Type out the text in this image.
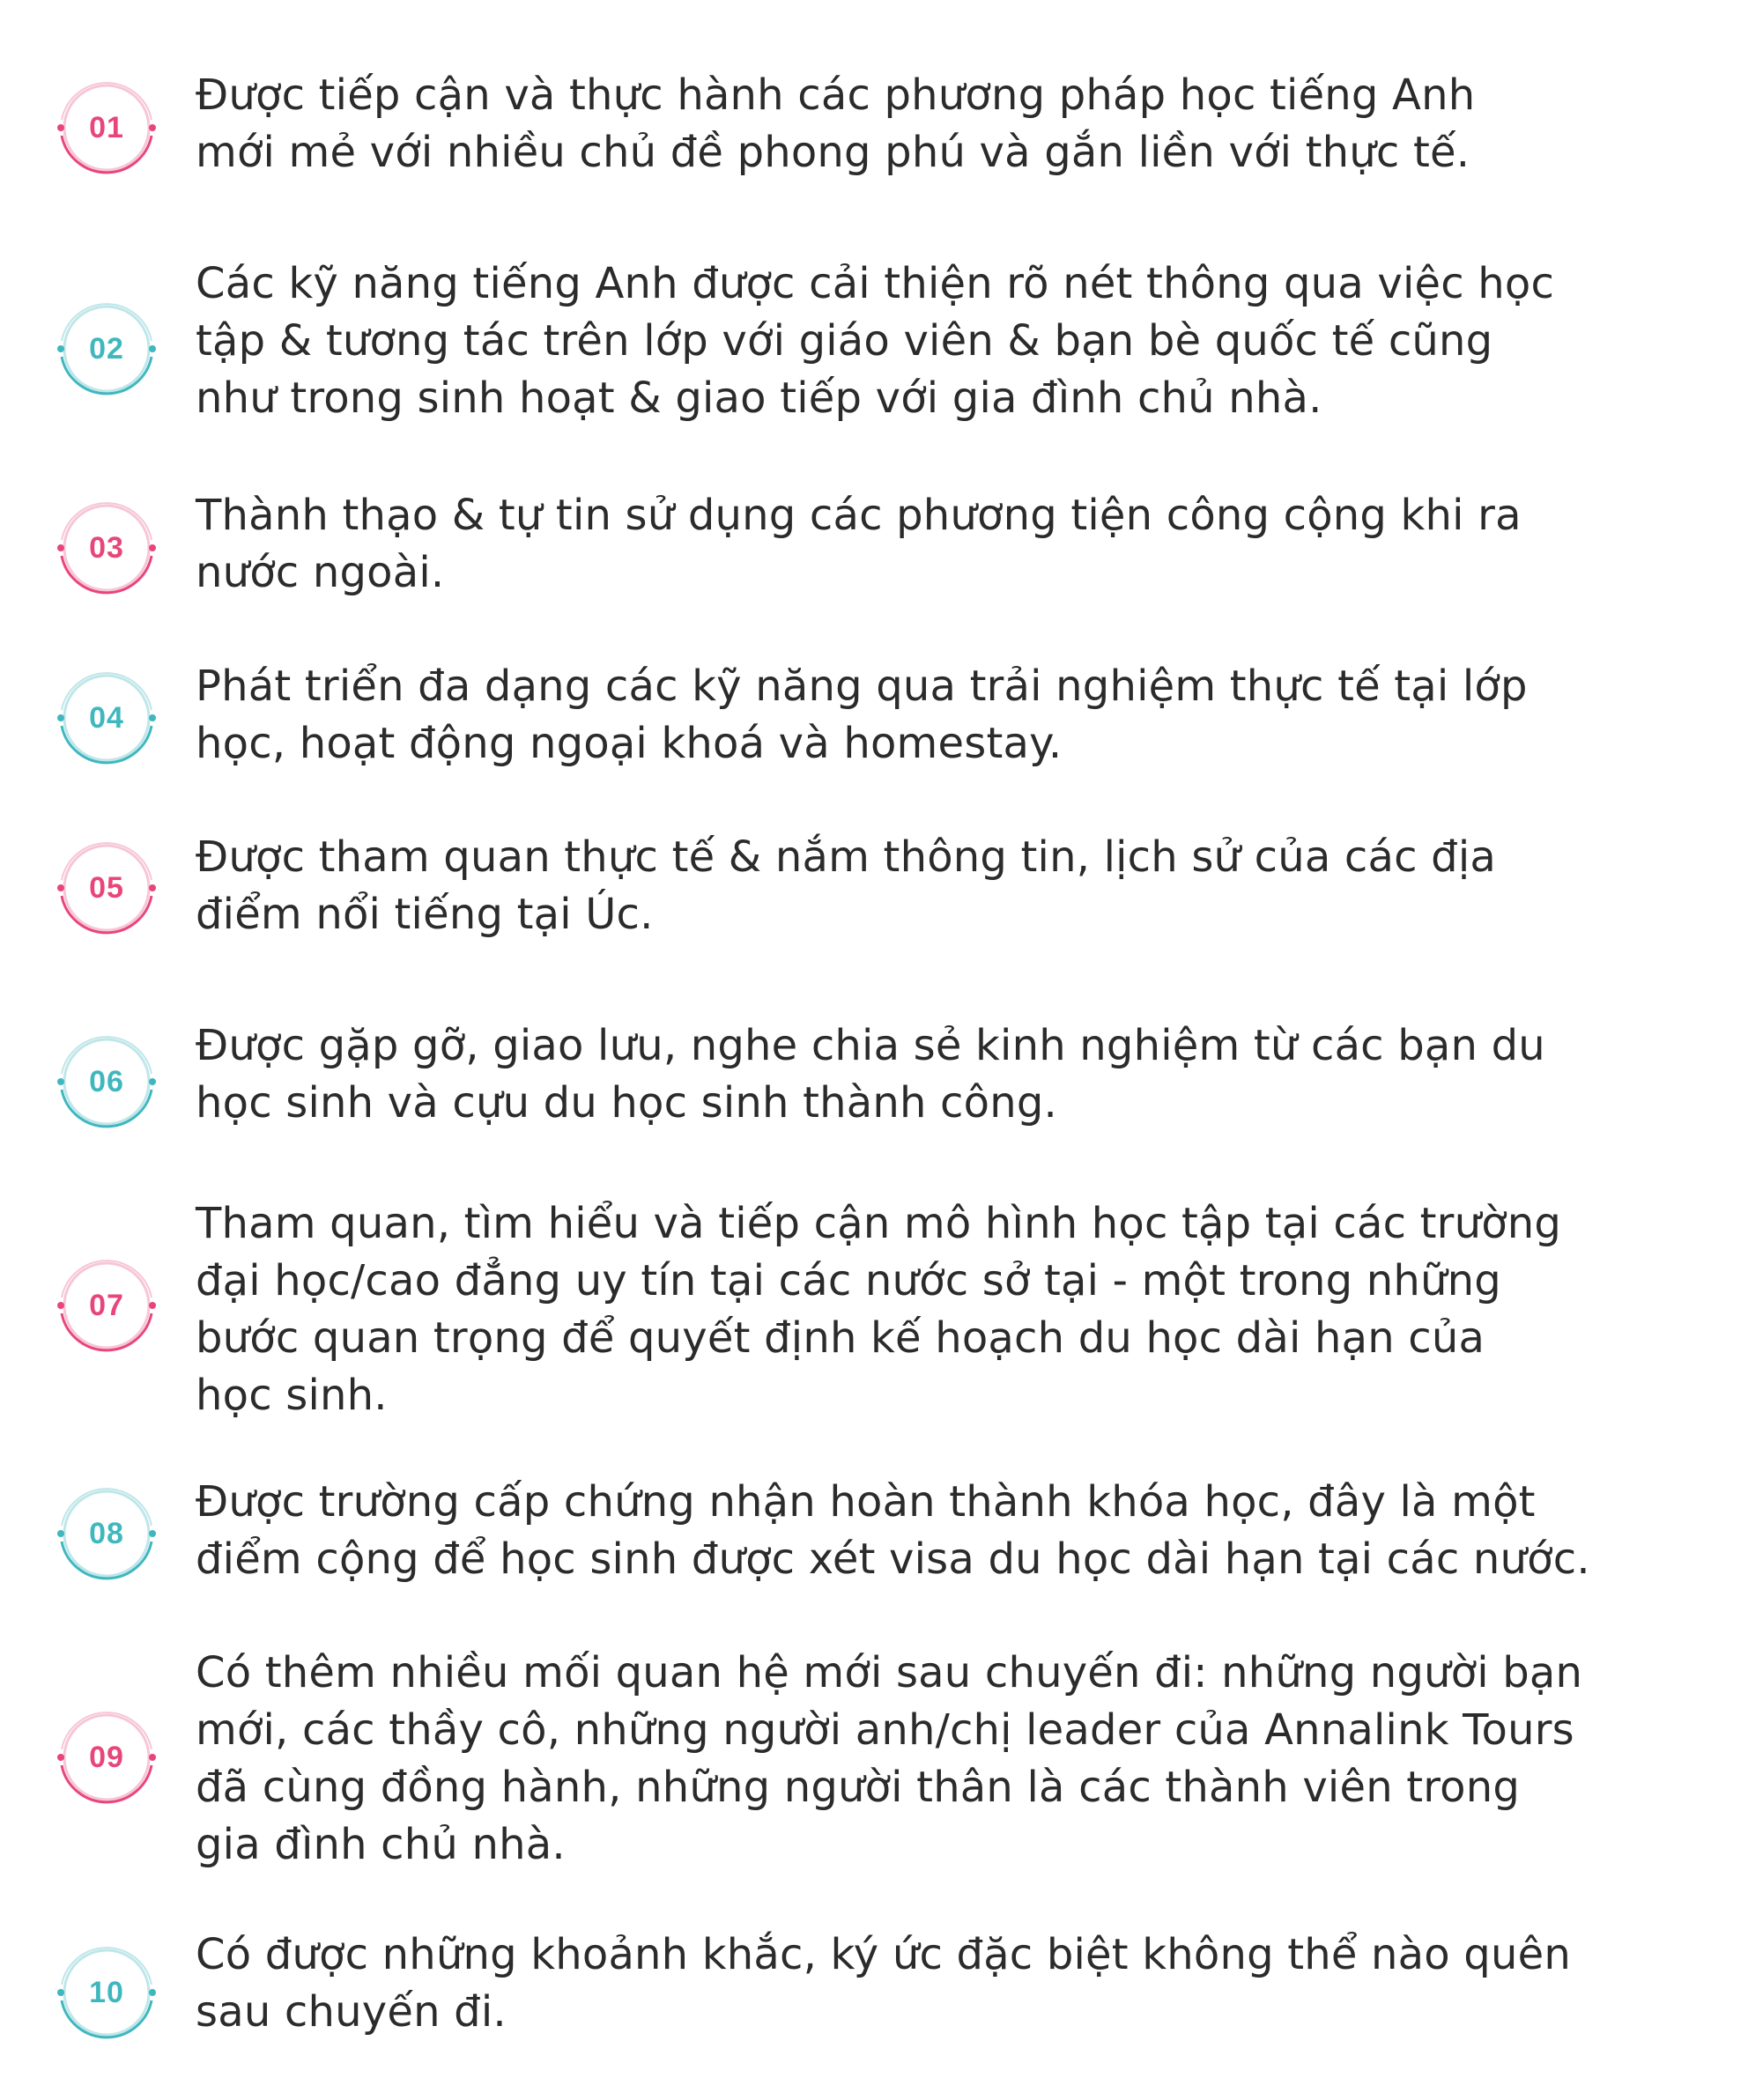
01
Được tiếp cận và thực hành các phương pháp học tiếng Anh
mới mẻ với nhiều chủ đề phong phú và gắn liền với thực tế.
02
Các kỹ năng tiếng Anh được cải thiện rõ nét thông qua việc học
tập & tương tác trên lớp với giáo viên & bạn bè quốc tế cũng
như trong sinh hoạt & giao tiếp với gia đình chủ nhà.
03
Thành thạo & tự tin sử dụng các phương tiện công cộng khi ra
nước ngoài.
04
Phát triển đa dạng các kỹ năng qua trải nghiệm thực tế tại lớp
học, hoạt động ngoại khoá và homestay.
05
Được tham quan thực tế & nắm thông tin, lịch sử của các địa
điểm nổi tiếng tại Úc.
06
Được gặp gỡ, giao lưu, nghe chia sẻ kinh nghiệm từ các bạn du
học sinh và cựu du học sinh thành công.
07
Tham quan, tìm hiểu và tiếp cận mô hình học tập tại các trường
đại học/cao đẳng uy tín tại các nước sở tại - một trong những
bước quan trọng để quyết định kế hoạch du học dài hạn của
học sinh.
08
Được trường cấp chứng nhận hoàn thành khóa học, đây là một
điểm cộng để học sinh được xét visa du học dài hạn tại các nước.
09
Có thêm nhiều mối quan hệ mới sau chuyến đi: những người bạn
mới, các thầy cô, những người anh/chị leader của Annalink Tours
đã cùng đồng hành, những người thân là các thành viên trong
gia đình chủ nhà.
10
Có được những khoảnh khắc, ký ức đặc biệt không thể nào quên
sau chuyến đi.
